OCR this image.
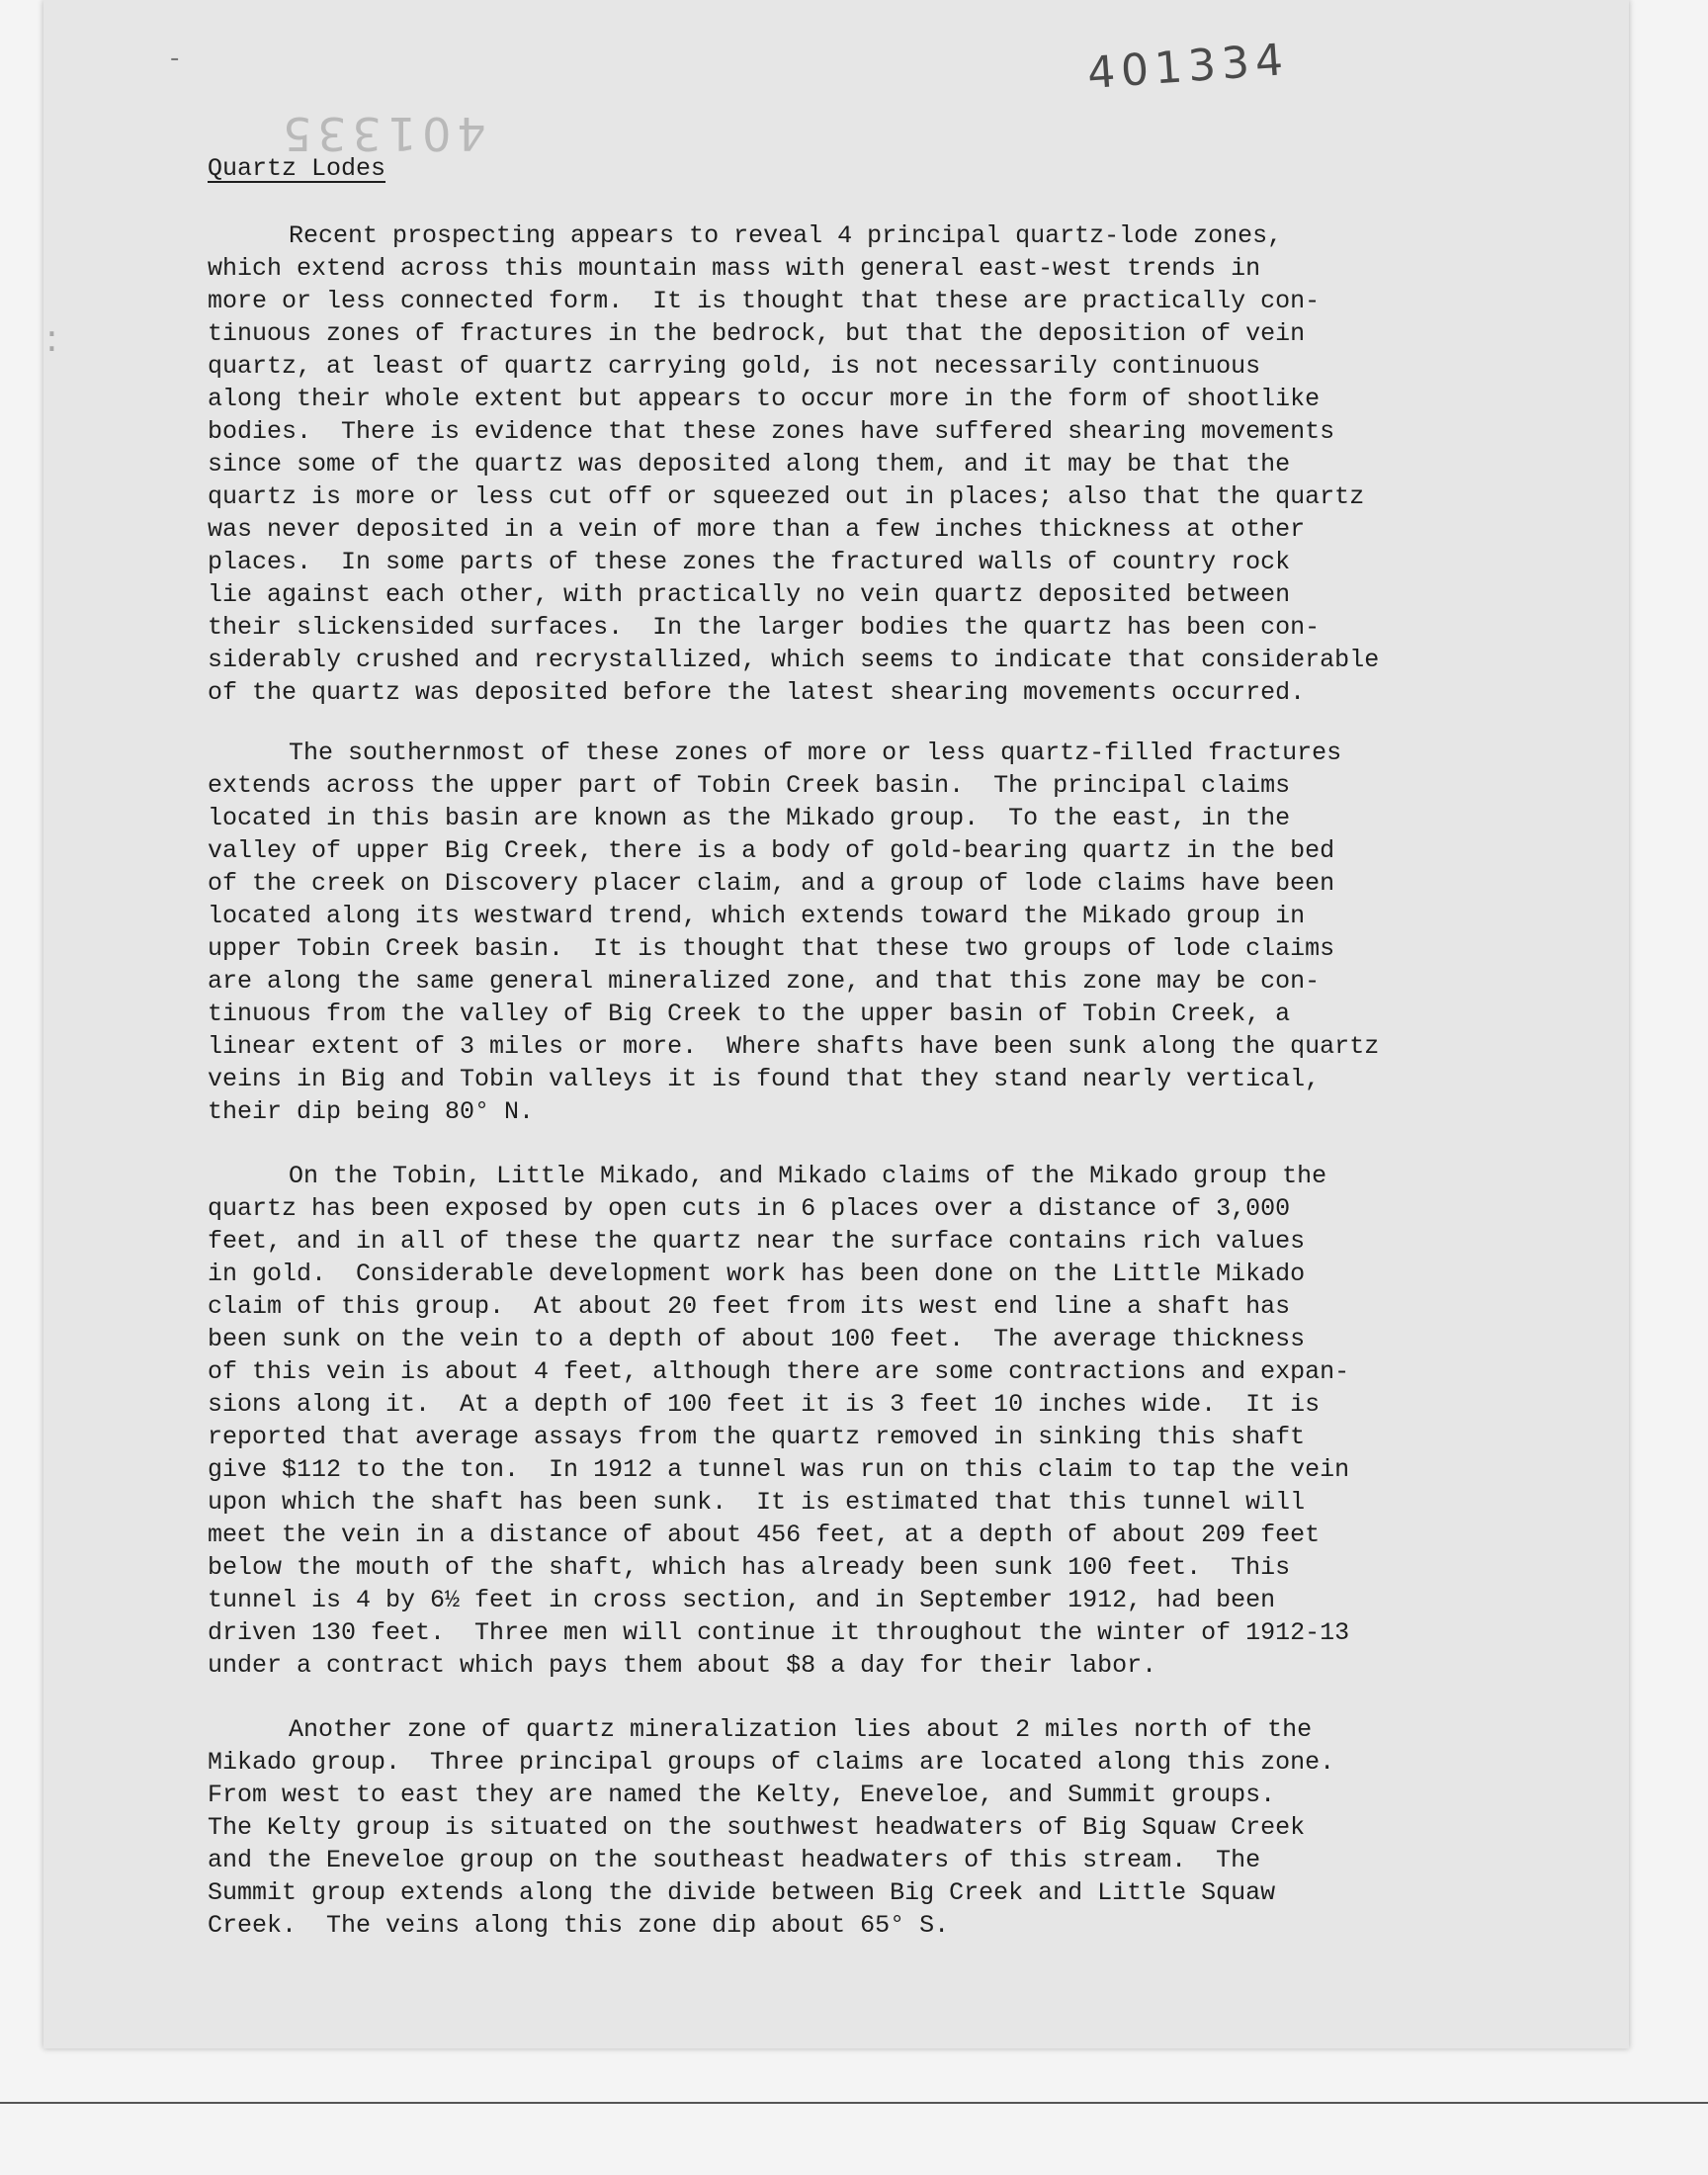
401334
401335
-
:
Quartz Lodes
Recent prospecting appears to reveal 4 principal quartz-lode zones,
which extend across this mountain mass with general east-west trends in
more or less connected form.  It is thought that these are practically con-
tinuous zones of fractures in the bedrock, but that the deposition of vein
quartz, at least of quartz carrying gold, is not necessarily continuous
along their whole extent but appears to occur more in the form of shootlike
bodies.  There is evidence that these zones have suffered shearing movements
since some of the quartz was deposited along them, and it may be that the
quartz is more or less cut off or squeezed out in places; also that the quartz
was never deposited in a vein of more than a few inches thickness at other
places.  In some parts of these zones the fractured walls of country rock
lie against each other, with practically no vein quartz deposited between
their slickensided surfaces.  In the larger bodies the quartz has been con-
siderably crushed and recrystallized, which seems to indicate that considerable
of the quartz was deposited before the latest shearing movements occurred.
The southernmost of these zones of more or less quartz-filled fractures
extends across the upper part of Tobin Creek basin.  The principal claims
located in this basin are known as the Mikado group.  To the east, in the
valley of upper Big Creek, there is a body of gold-bearing quartz in the bed
of the creek on Discovery placer claim, and a group of lode claims have been
located along its westward trend, which extends toward the Mikado group in
upper Tobin Creek basin.  It is thought that these two groups of lode claims
are along the same general mineralized zone, and that this zone may be con-
tinuous from the valley of Big Creek to the upper basin of Tobin Creek, a
linear extent of 3 miles or more.  Where shafts have been sunk along the quartz
veins in Big and Tobin valleys it is found that they stand nearly vertical,
their dip being 80° N.
On the Tobin, Little Mikado, and Mikado claims of the Mikado group the
quartz has been exposed by open cuts in 6 places over a distance of 3,000
feet, and in all of these the quartz near the surface contains rich values
in gold.  Considerable development work has been done on the Little Mikado
claim of this group.  At about 20 feet from its west end line a shaft has
been sunk on the vein to a depth of about 100 feet.  The average thickness
of this vein is about 4 feet, although there are some contractions and expan-
sions along it.  At a depth of 100 feet it is 3 feet 10 inches wide.  It is
reported that average assays from the quartz removed in sinking this shaft
give $112 to the ton.  In 1912 a tunnel was run on this claim to tap the vein
upon which the shaft has been sunk.  It is estimated that this tunnel will
meet the vein in a distance of about 456 feet, at a depth of about 209 feet
below the mouth of the shaft, which has already been sunk 100 feet.  This
tunnel is 4 by 6½ feet in cross section, and in September 1912, had been
driven 130 feet.  Three men will continue it throughout the winter of 1912-13
under a contract which pays them about $8 a day for their labor.
Another zone of quartz mineralization lies about 2 miles north of the
Mikado group.  Three principal groups of claims are located along this zone.
From west to east they are named the Kelty, Eneveloe, and Summit groups.
The Kelty group is situated on the southwest headwaters of Big Squaw Creek
and the Eneveloe group on the southeast headwaters of this stream.  The
Summit group extends along the divide between Big Creek and Little Squaw
Creek.  The veins along this zone dip about 65° S.
